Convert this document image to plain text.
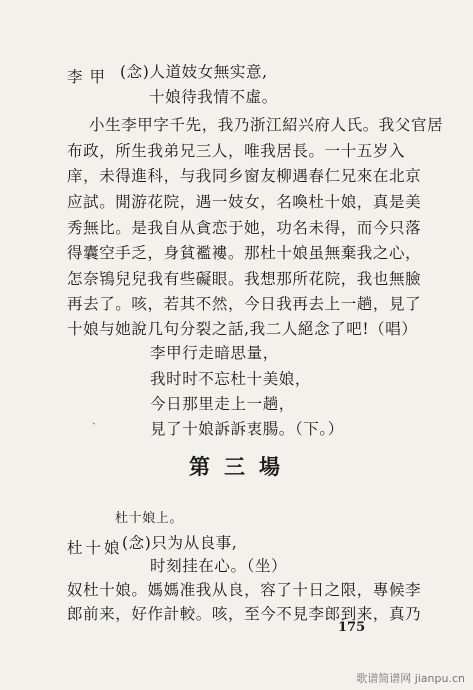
李甲 (念)人道妓女無实意,
十娘待我情不虛。
小生李甲字千先，我乃浙江紹兴府人氏。我父官居
布政，所生我弟兄三人，唯我居長。一十五岁入
庠，未得進科，与我同乡窗友柳遇春仁兄來在北京
应試。閒游花院，遇一妓女，名喚杜十娘，真是美
秀無比。是我自从貪恋于她，功名未得，而今只落
得囊空手乏，身貧襤褸。那杜十娘虽無棄我之心，
怎奈鴇兒兒我有些礙眼。我想那所花院，我也無臉
再去了。咳，若其不然，今日我再去上一趟，見了
十娘与她說几句分裂之話,我二人絕念了吧!（唱）
李甲行走暗思量，
我时时不忘杜十美娘，
今日那里走上一趟，
見了十娘訴訴衷腸。（下。）
ˎ
第三場
杜十娘上。
杜十娘 (念)只为从良事,
时刻挂在心。（坐）
奴杜十娘。媽媽准我从良，容了十日之限，專候李
郎前来，好作計較。咳，至今不見李郎到来，真乃
175
歌谱简谱网 jianpu.cn
